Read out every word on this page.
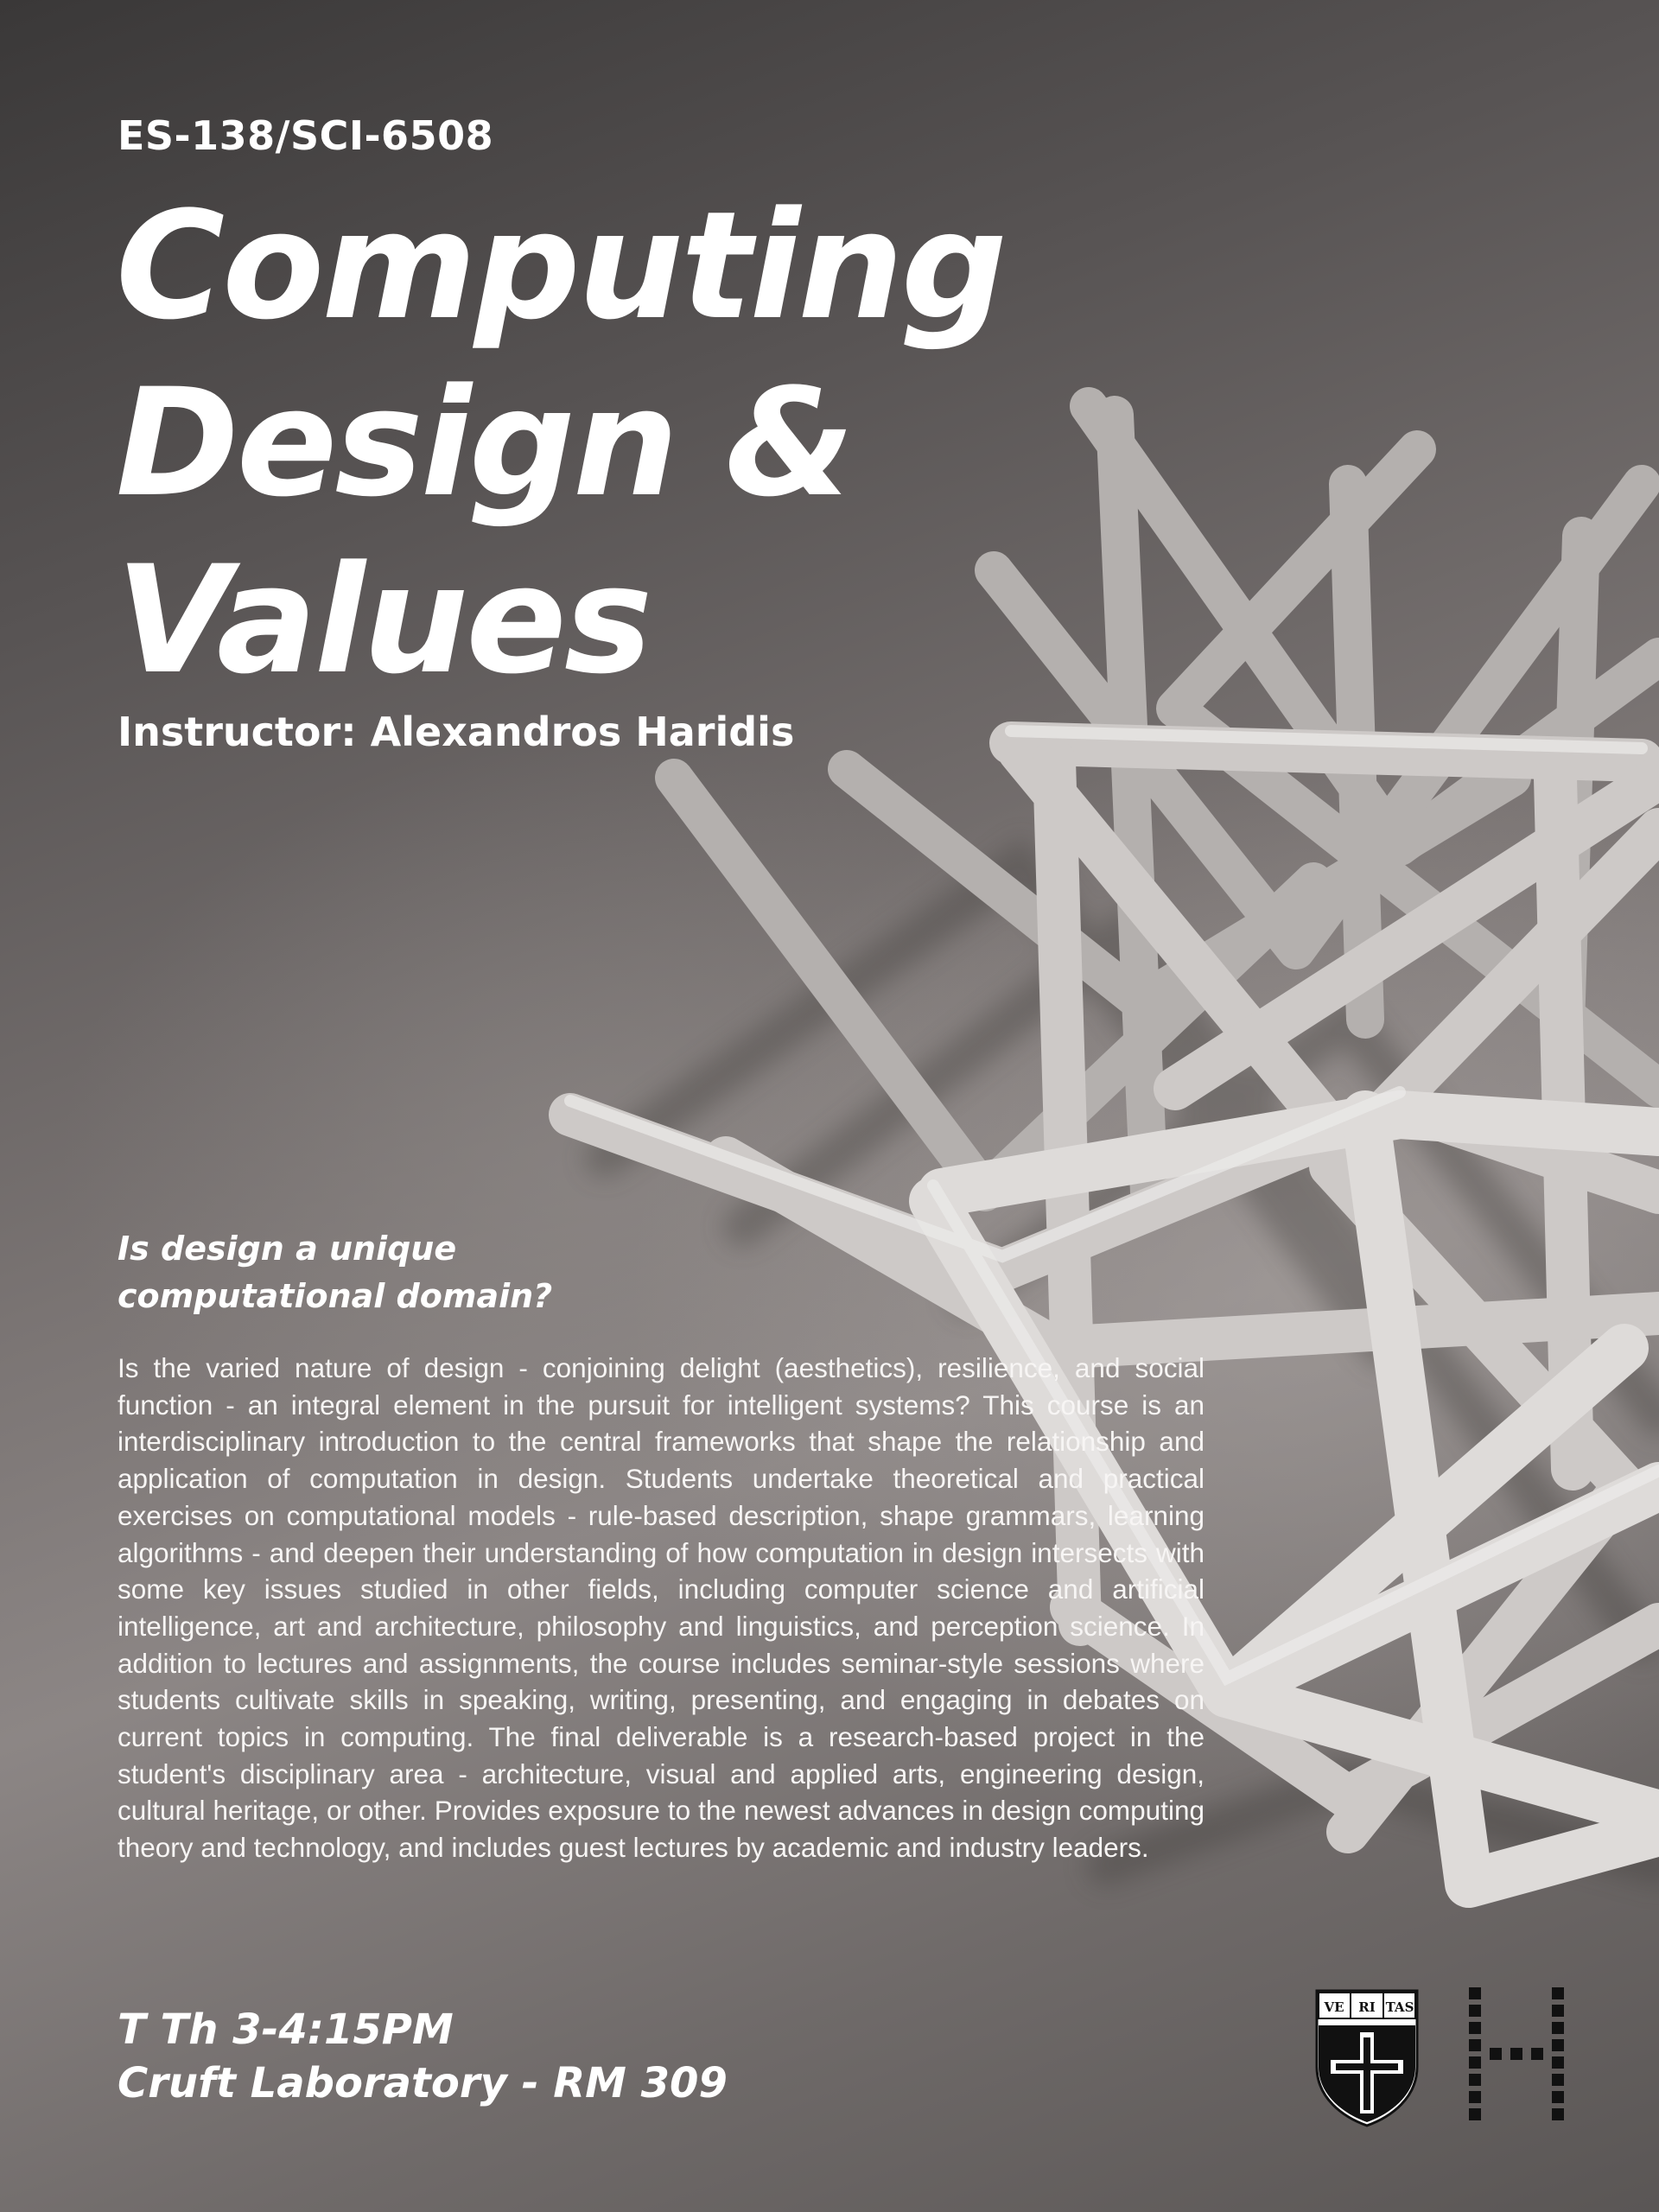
ES-138/SCI-6508
Computing
Design &
Values
Instructor: Alexandros Haridis
Is design a unique
computational domain?

Is the varied nature of design - conjoining delight (aesthetics), resilience, and social function - an integral element in the pursuit for intelligent systems? This course is an interdisciplinary introduction to the central frameworks that shape the relationship and application of computation in design. Students undertake theoretical and practical exercises on computational models - rule-based description, shape grammars, learning algorithms - and deepen their understanding of how computation in design intersects with some key issues studied in other fields, including computer science and artificial intelligence, art and architecture, philosophy and linguistics, and perception science. In addition to lectures and assignments, the course includes seminar-style sessions where students cultivate skills in speaking, writing, presenting, and engaging in debates on current topics in computing. The final deliverable is a research-based project in the student's disciplinary area - architecture, visual and applied arts, engineering design, cultural heritage, or other. Provides exposure to the newest advances in design computing theory and technology, and includes guest lectures by academic and industry leaders.

T Th 3-4:15PM
Cruft Laboratory - RM 309
VE RI TAS
